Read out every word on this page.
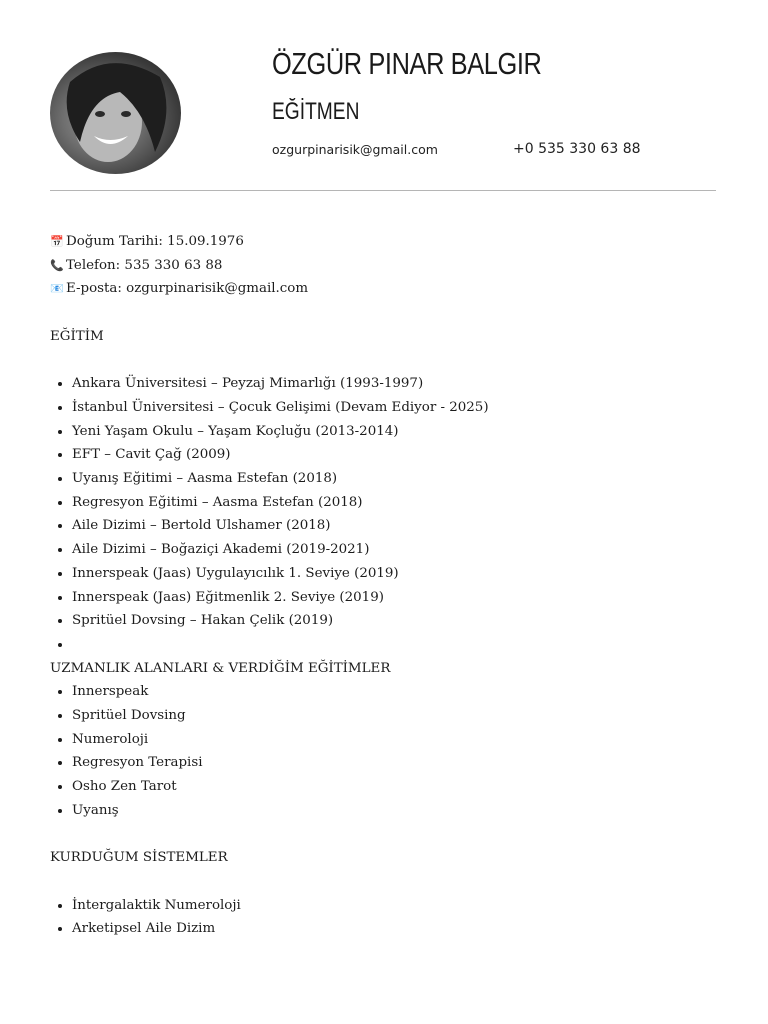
ÖZGÜR PINAR BALGIR
EĞİTMEN
ozgurpinarisik@gmail.com	+0 535 330 63 88
📅 Doğum Tarihi: 15.09.1976
📞 Telefon: 535 330 63 88
📧 E-posta: ozgurpinarisik@gmail.com
EĞİTİM
• Ankara Üniversitesi – Peyzaj Mimarlığı (1993-1997)
• İstanbul Üniversitesi – Çocuk Gelişimi (Devam Ediyor - 2025)
• Yeni Yaşam Okulu – Yaşam Koçluğu (2013-2014)
• EFT – Cavit Çağ (2009)
• Uyanış Eğitimi – Aasma Estefan (2018)
• Regresyon Eğitimi – Aasma Estefan (2018)
• Aile Dizimi – Bertold Ulshamer (2018)
• Aile Dizimi – Boğaziçi Akademi (2019-2021)
• Innerspeak (Jaas) Uygulayıcılık 1. Seviye (2019)
• Innerspeak (Jaas) Eğitmenlik 2. Seviye (2019)
• Spritüel Dovsing – Hakan Çelik (2019)
•
UZMANLIK ALANLARI & VERDİĞİM EĞİTİMLER
• Innerspeak
• Spritüel Dovsing
• Numeroloji
• Regresyon Terapisi
• Osho Zen Tarot
• Uyanış
KURDUĞUM SİSTEMLER
• İntergalaktik Numeroloji
• Arketipsel Aile Dizim
